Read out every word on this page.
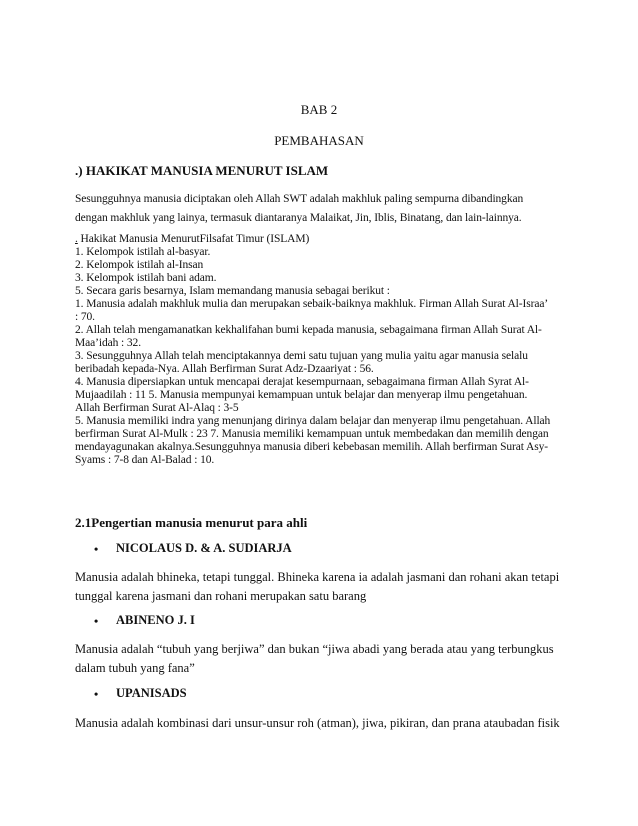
BAB 2
PEMBAHASAN
.) HAKIKAT MANUSIA MENURUT ISLAM
Sesungguhnya manusia diciptakan oleh Allah SWT adalah makhluk paling sempurna dibandingkan
dengan makhluk yang lainya, termasuk diantaranya Malaikat, Jin, Iblis, Binatang, dan lain-lainnya.
. Hakikat Manusia MenurutFilsafat Timur (ISLAM)
1. Kelompok istilah al-basyar.
2. Kelompok istilah al-Insan
3. Kelompok istilah bani adam.
5. Secara garis besarnya, Islam memandang manusia sebagai berikut :
1. Manusia adalah makhluk mulia dan merupakan sebaik-baiknya makhluk. Firman Allah Surat Al-Israa’
: 70.
2. Allah telah mengamanatkan kekhalifahan bumi kepada manusia, sebagaimana firman Allah Surat Al-
Maa’idah : 32.
3. Sesungguhnya Allah telah menciptakannya demi satu tujuan yang mulia yaitu agar manusia selalu
beribadah kepada-Nya. Allah Berfirman Surat Adz-Dzaariyat : 56.
4. Manusia dipersiapkan untuk mencapai derajat kesempurnaan, sebagaimana firman Allah Syrat Al-
Mujaadilah : 11 5. Manusia mempunyai kemampuan untuk belajar dan menyerap ilmu pengetahuan.
Allah Berfirman Surat Al-Alaq : 3-5
5. Manusia memiliki indra yang menunjang dirinya dalam belajar dan menyerap ilmu pengetahuan. Allah
berfirman Surat Al-Mulk : 23 7. Manusia memiliki kemampuan untuk membedakan dan memilih dengan
mendayagunakan akalnya.Sesungguhnya manusia diberi kebebasan memilih. Allah berfirman Surat Asy-
Syams : 7-8 dan Al-Balad : 10.
2.1Pengertian manusia menurut para ahli
• NICOLAUS D. & A. SUDIARJA
Manusia adalah bhineka, tetapi tunggal. Bhineka karena ia adalah jasmani dan rohani akan tetapi
tunggal karena jasmani dan rohani merupakan satu barang
• ABINENO J. I
Manusia adalah “tubuh yang berjiwa” dan bukan “jiwa abadi yang berada atau yang terbungkus
dalam tubuh yang fana”
• UPANISADS
Manusia adalah kombinasi dari unsur-unsur roh (atman), jiwa, pikiran, dan prana ataubadan fisik
